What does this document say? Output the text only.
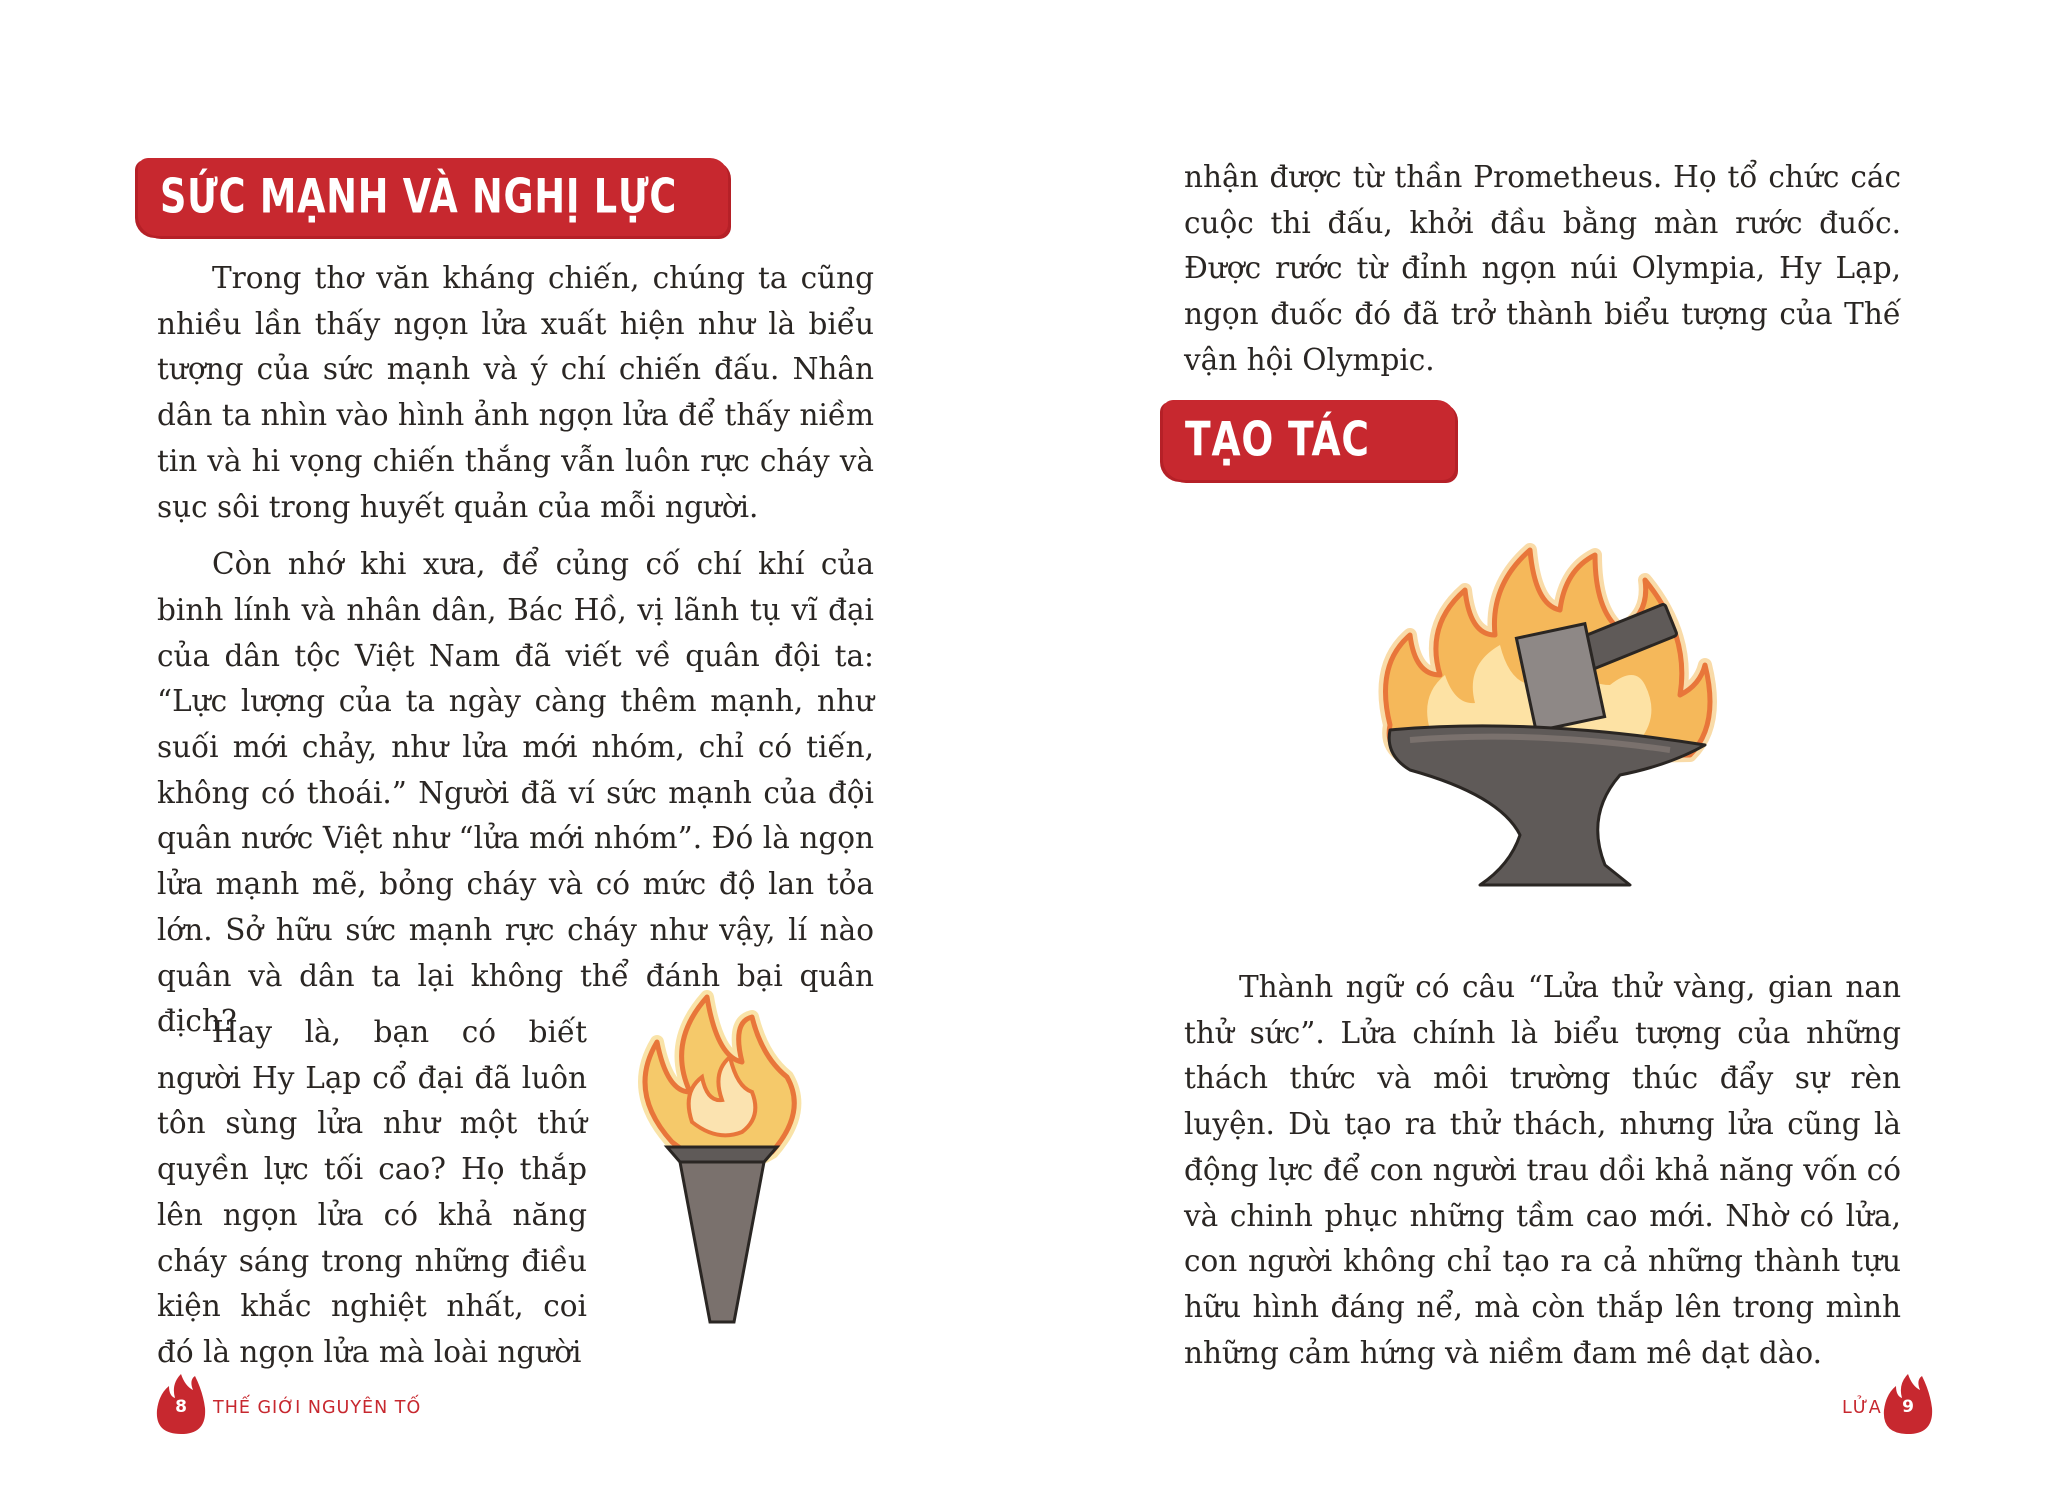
SỨC MẠNH VÀ NGHỊ LỰC

Trong thơ văn kháng chiến, chúng ta cũng nhiều lần thấy ngọn lửa xuất hiện như là biểu tượng của sức mạnh và ý chí chiến đấu. Nhân dân ta nhìn vào hình ảnh ngọn lửa để thấy niềm tin và hi vọng chiến thắng vẫn luôn rực cháy và sục sôi trong huyết quản của mỗi người.

Còn nhớ khi xưa, để củng cố chí khí của binh lính và nhân dân, Bác Hồ, vị lãnh tụ vĩ đại của dân tộc Việt Nam đã viết về quân đội ta: “Lực lượng của ta ngày càng thêm mạnh, như suối mới chảy, như lửa mới nhóm, chỉ có tiến, không có thoái.” Người đã ví sức mạnh của đội quân nước Việt như “lửa mới nhóm”. Đó là ngọn lửa mạnh mẽ, bỏng cháy và có mức độ lan tỏa lớn. Sở hữu sức mạnh rực cháy như vậy, lí nào quân và dân ta lại không thể đánh bại quân địch?

Hay là, bạn có biết người Hy Lạp cổ đại đã luôn tôn sùng lửa như một thứ quyền lực tối cao? Họ thắp lên ngọn lửa có khả năng cháy sáng trong những điều kiện khắc nghiệt nhất, coi đó là ngọn lửa mà loài người

8	THẾ GIỚI NGUYÊN TỐ

nhận được từ thần Prometheus. Họ tổ chức các cuộc thi đấu, khởi đầu bằng màn rước đuốc. Được rước từ đỉnh ngọn núi Olympia, Hy Lạp, ngọn đuốc đó đã trở thành biểu tượng của Thế vận hội Olympic.

TẠO TÁC

Thành ngữ có câu “Lửa thử vàng, gian nan thử sức”. Lửa chính là biểu tượng của những thách thức và môi trường thúc đẩy sự rèn luyện. Dù tạo ra thử thách, nhưng lửa cũng là động lực để con người trau dồi khả năng vốn có và chinh phục những tầm cao mới. Nhờ có lửa, con người không chỉ tạo ra cả những thành tựu hữu hình đáng nể, mà còn thắp lên trong mình những cảm hứng và niềm đam mê dạt dào.

LỬA	9
